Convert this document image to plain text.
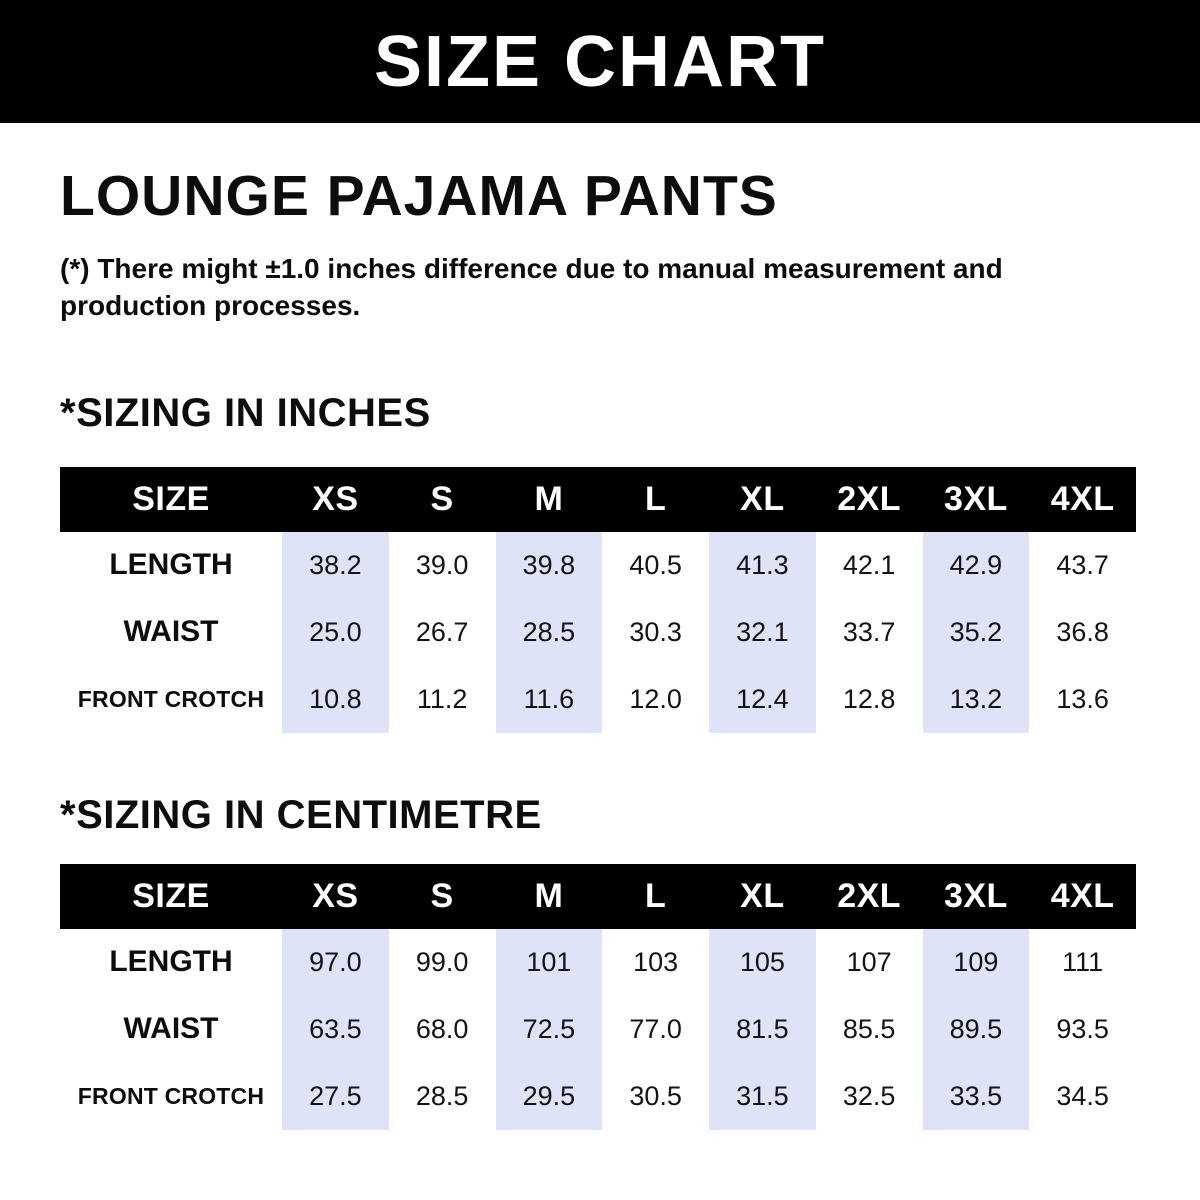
SIZE CHART
LOUNGE PAJAMA PANTS
(*) There might ±1.0 inches difference due to manual measurement and production processes.
*SIZING IN INCHES
SIZE	XS	S	M	L	XL	2XL	3XL	4XL
LENGTH	38.2	39.0	39.8	40.5	41.3	42.1	42.9	43.7
WAIST	25.0	26.7	28.5	30.3	32.1	33.7	35.2	36.8
FRONT CROTCH	10.8	11.2	11.6	12.0	12.4	12.8	13.2	13.6
*SIZING IN CENTIMETRE
SIZE	XS	S	M	L	XL	2XL	3XL	4XL
LENGTH	97.0	99.0	101	103	105	107	109	111
WAIST	63.5	68.0	72.5	77.0	81.5	85.5	89.5	93.5
FRONT CROTCH	27.5	28.5	29.5	30.5	31.5	32.5	33.5	34.5
